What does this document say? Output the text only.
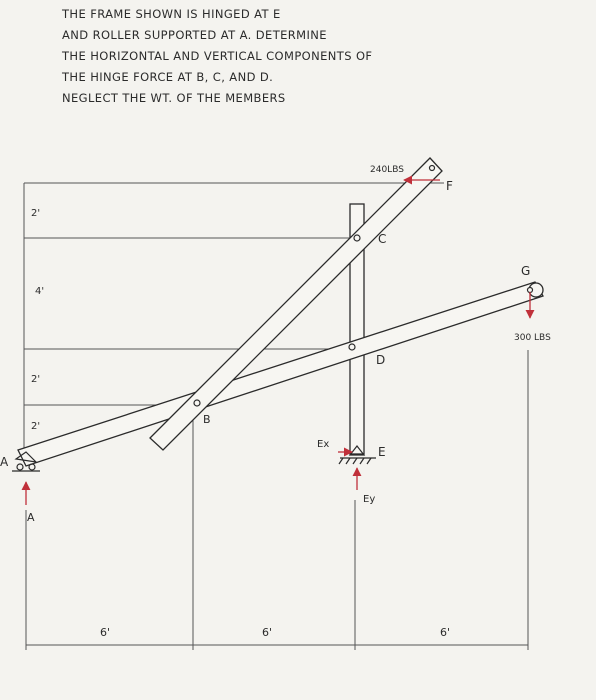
THE FRAME SHOWN IS HINGED AT E
AND ROLLER SUPPORTED AT A. DETERMINE
THE HORIZONTAL AND VERTICAL COMPONENTS OF
THE HINGE FORCE AT B, C, AND D.
NEGLECT THE WT. OF THE MEMBERS
A
A
B
C
D
E
F
G
Ex
Ey
240LBS
300 LBS
2'
4'
2'
2'
6'	6'	6'
